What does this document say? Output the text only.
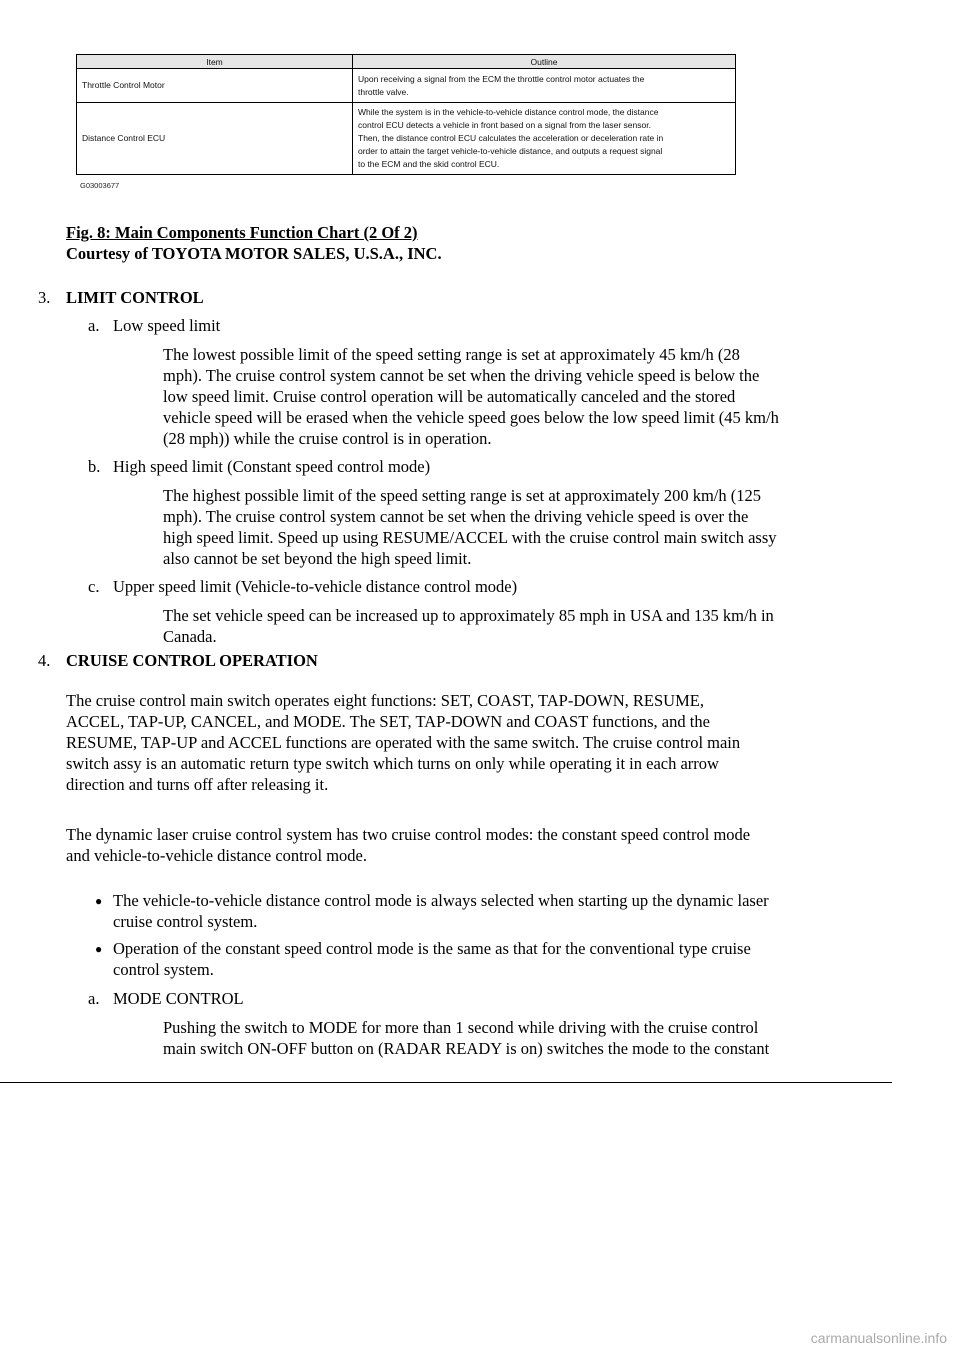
Item	Outline
Throttle Control Motor	Upon receiving a signal from the ECM the throttle control motor actuates the
throttle valve.

Distance Control ECU	While the system is in the vehicle-to-vehicle distance control mode, the distance
control ECU detects a vehicle in front based on a signal from the laser sensor.
Then, the distance control ECU calculates the acceleration or deceleration rate in
order to attain the target vehicle-to-vehicle distance, and outputs a request signal
to the ECM and the skid control ECU.
G03003677
Fig. 8: Main Components Function Chart (2 Of 2)
Courtesy of TOYOTA MOTOR SALES, U.S.A., INC.
3. LIMIT CONTROL
a. Low speed limit
The lowest possible limit of the speed setting range is set at approximately 45 km/h (28
mph). The cruise control system cannot be set when the driving vehicle speed is below the
low speed limit. Cruise control operation will be automatically canceled and the stored
vehicle speed will be erased when the vehicle speed goes below the low speed limit (45 km/h
(28 mph)) while the cruise control is in operation.
b. High speed limit (Constant speed control mode)
The highest possible limit of the speed setting range is set at approximately 200 km/h (125
mph). The cruise control system cannot be set when the driving vehicle speed is over the
high speed limit. Speed up using RESUME/ACCEL with the cruise control main switch assy
also cannot be set beyond the high speed limit.
c. Upper speed limit (Vehicle-to-vehicle distance control mode)
The set vehicle speed can be increased up to approximately 85 mph in USA and 135 km/h in
Canada.
4. CRUISE CONTROL OPERATION
The cruise control main switch operates eight functions: SET, COAST, TAP-DOWN, RESUME,
ACCEL, TAP-UP, CANCEL, and MODE. The SET, TAP-DOWN and COAST functions, and the
RESUME, TAP-UP and ACCEL functions are operated with the same switch. The cruise control main
switch assy is an automatic return type switch which turns on only while operating it in each arrow
direction and turns off after releasing it.
The dynamic laser cruise control system has two cruise control modes: the constant speed control mode
and vehicle-to-vehicle distance control mode.
● The vehicle-to-vehicle distance control mode is always selected when starting up the dynamic laser
cruise control system.
● Operation of the constant speed control mode is the same as that for the conventional type cruise
control system.
a. MODE CONTROL
Pushing the switch to MODE for more than 1 second while driving with the cruise control
main switch ON-OFF button on (RADAR READY is on) switches the mode to the constant
carmanualsonline.info
